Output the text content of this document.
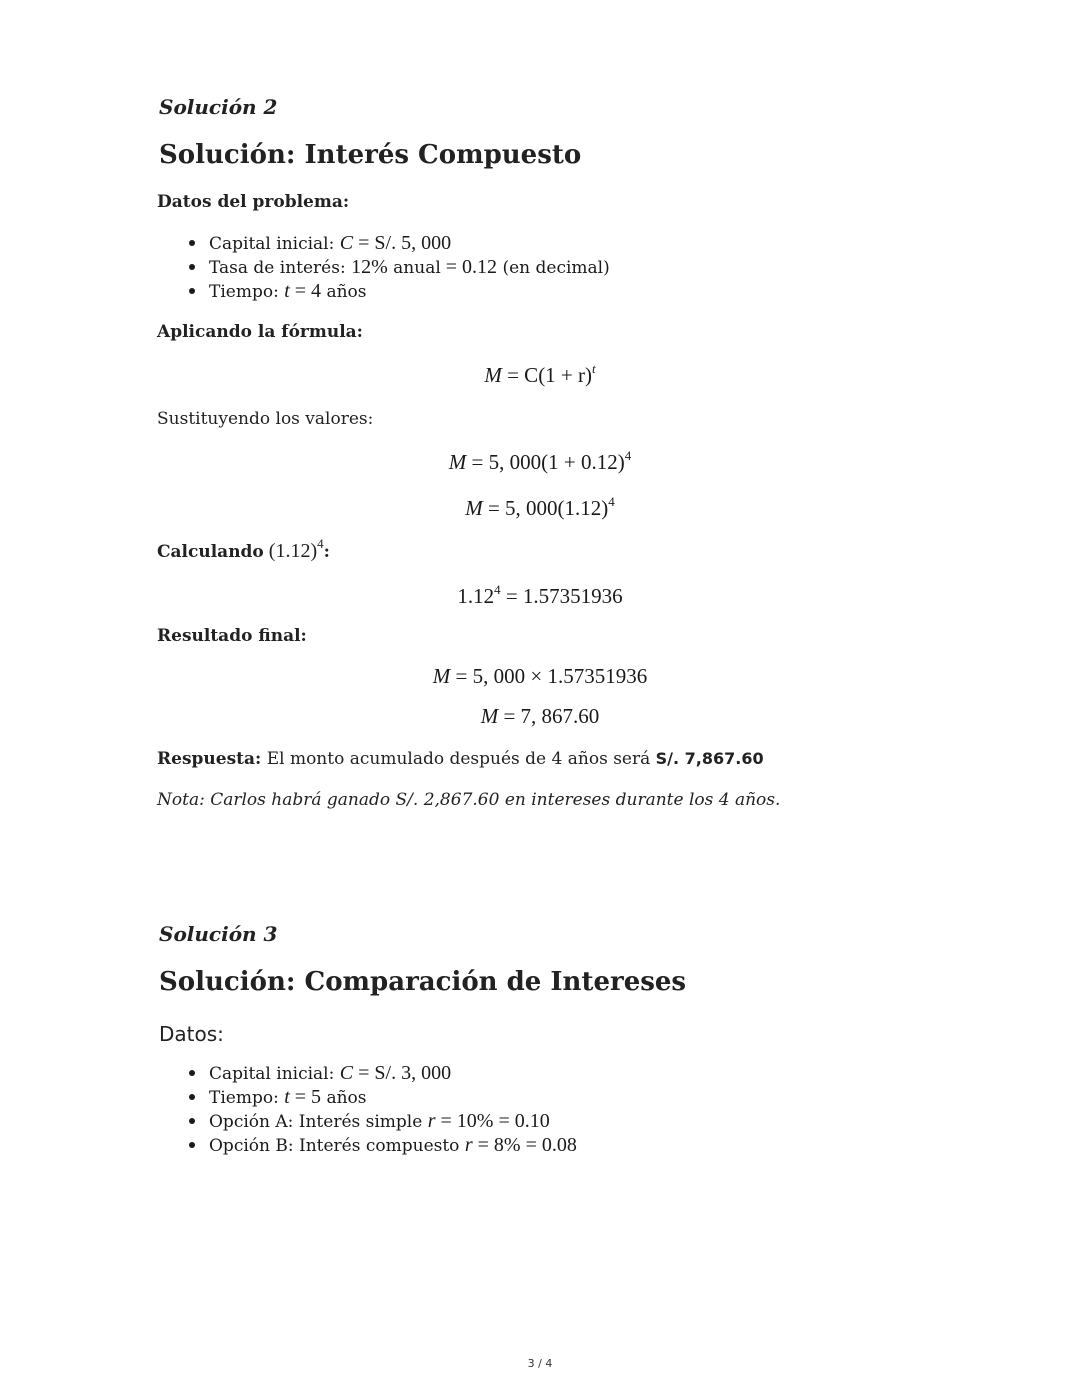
Solución 2
Solución: Interés Compuesto
Datos del problema:
Capital inicial: C = S/. 5, 000
Tasa de interés: 12% anual = 0.12 (en decimal)
Tiempo: t = 4 años
Aplicando la fórmula:
$M = C(1 + r)^t$
Sustituyendo los valores:
M = 5, $000(1 + 0.12)^4$
M = 5, $000(1.12)^4$
Calculando $(1.12)^4$:
$1.12^4 = 1.57351936$
Resultado final:
M = 5, 000 × 1.57351936
M = 7, 867.60
Respuesta: El monto acumulado después de 4 años será S/. 7,867.60
Nota: Carlos habrá ganado S/. 2,867.60 en intereses durante los 4 años.
Solución 3
Solución: Comparación de Intereses
Datos:
Capital inicial: C = S/. 3, 000
Tiempo: t = 5 años
Opción A: Interés simple r = 10% = 0.10
Opción B: Interés compuesto r = 8% = 0.08
3 / 4
